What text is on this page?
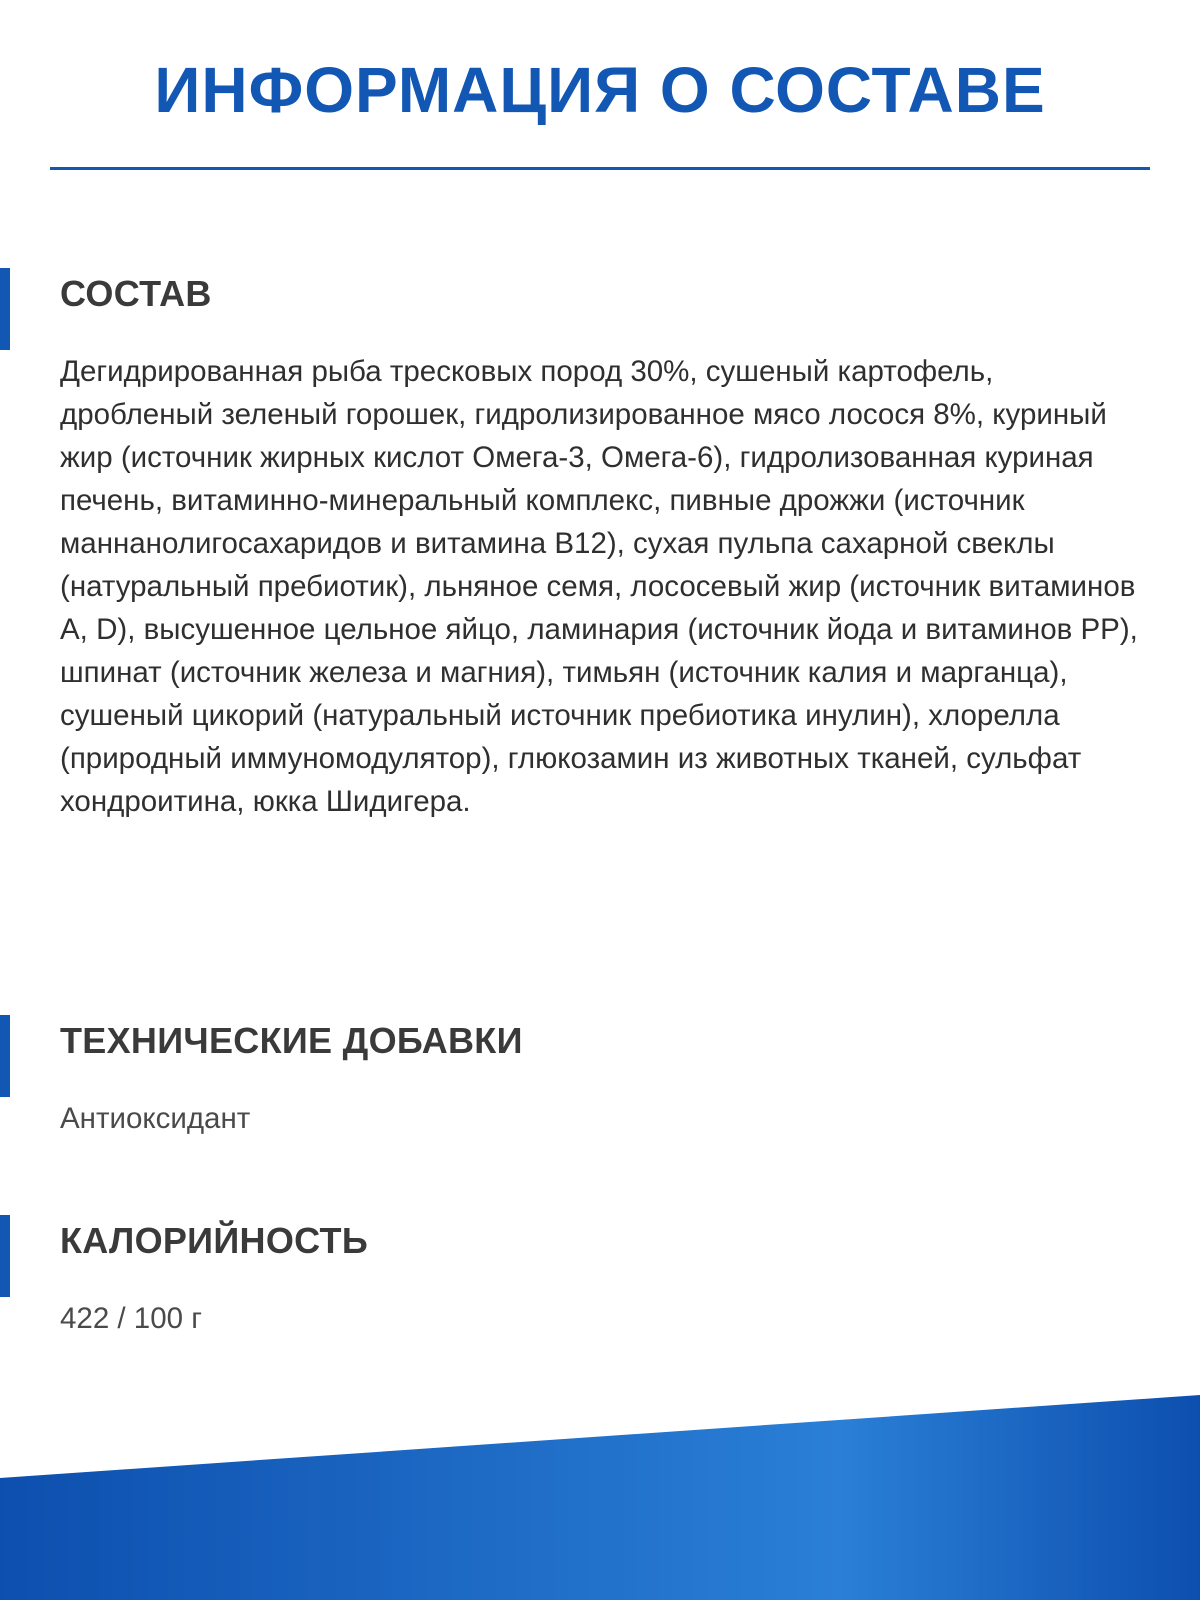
ИНФОРМАЦИЯ О СОСТАВЕ
СОСТАВ

Дегидрированная рыба тресковых пород 30%, сушеный картофель, дробленый зеленый горошек, гидролизированное мясо лосося 8%, куриный жир (источник жирных кислот Омега-3, Омега-6), гидролизованная куриная печень, витаминно-минеральный комплекс, пивные дрожжи (источник маннанолигосахаридов и витамина B12), сухая пульпа сахарной свеклы (натуральный пребиотик), льняное семя, лососевый жир (источник витаминов A, D), высушенное цельное яйцо, ламинария (источник йода и витаминов PP), шпинат (источник железа и магния), тимьян (источник калия и марганца), сушеный цикорий (натуральный источник пребиотика инулин), хлорелла (природный иммуномодулятор), глюкозамин из животных тканей, сульфат хондроитина, юкка Шидигера.

ТЕХНИЧЕСКИЕ ДОБАВКИ

Антиоксидант

КАЛОРИЙНОСТЬ

422 / 100 г
